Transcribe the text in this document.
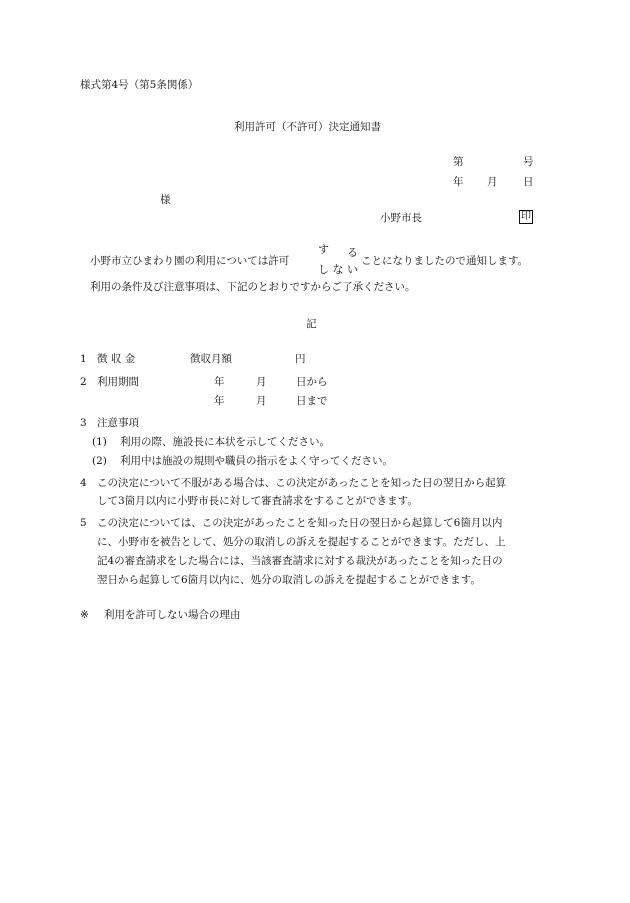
様式第4号（第5条関係）
利用許可（不許可）決定通知書
第	号
年 月 日
様
小野市長	印
小野市立ひまわり園の利用については許可
す る
し な い
ことになりましたので通知します。
利用の条件及び注意事項は、下記のとおりですからご了承ください。
記
1 徴 収 金	徴収月額	円
2 利用期間	年	月	日から
年	月	日まで
3 注意事項
(1) 利用の際、施設長に本状を示してください。
(2) 利用中は施設の規則や職員の指示をよく守ってください。
4 この決定について不服がある場合は、この決定があったことを知った日の翌日から起算
して3箇月以内に小野市長に対して審査請求をすることができます。
5 この決定については、この決定があったことを知った日の翌日から起算して6箇月以内
に、小野市を被告として、処分の取消しの訴えを提起することができます。ただし、上
記4の審査請求をした場合には、当該審査請求に対する裁決があったことを知った日の
翌日から起算して6箇月以内に、処分の取消しの訴えを提起することができます。
※ 利用を許可しない場合の理由
